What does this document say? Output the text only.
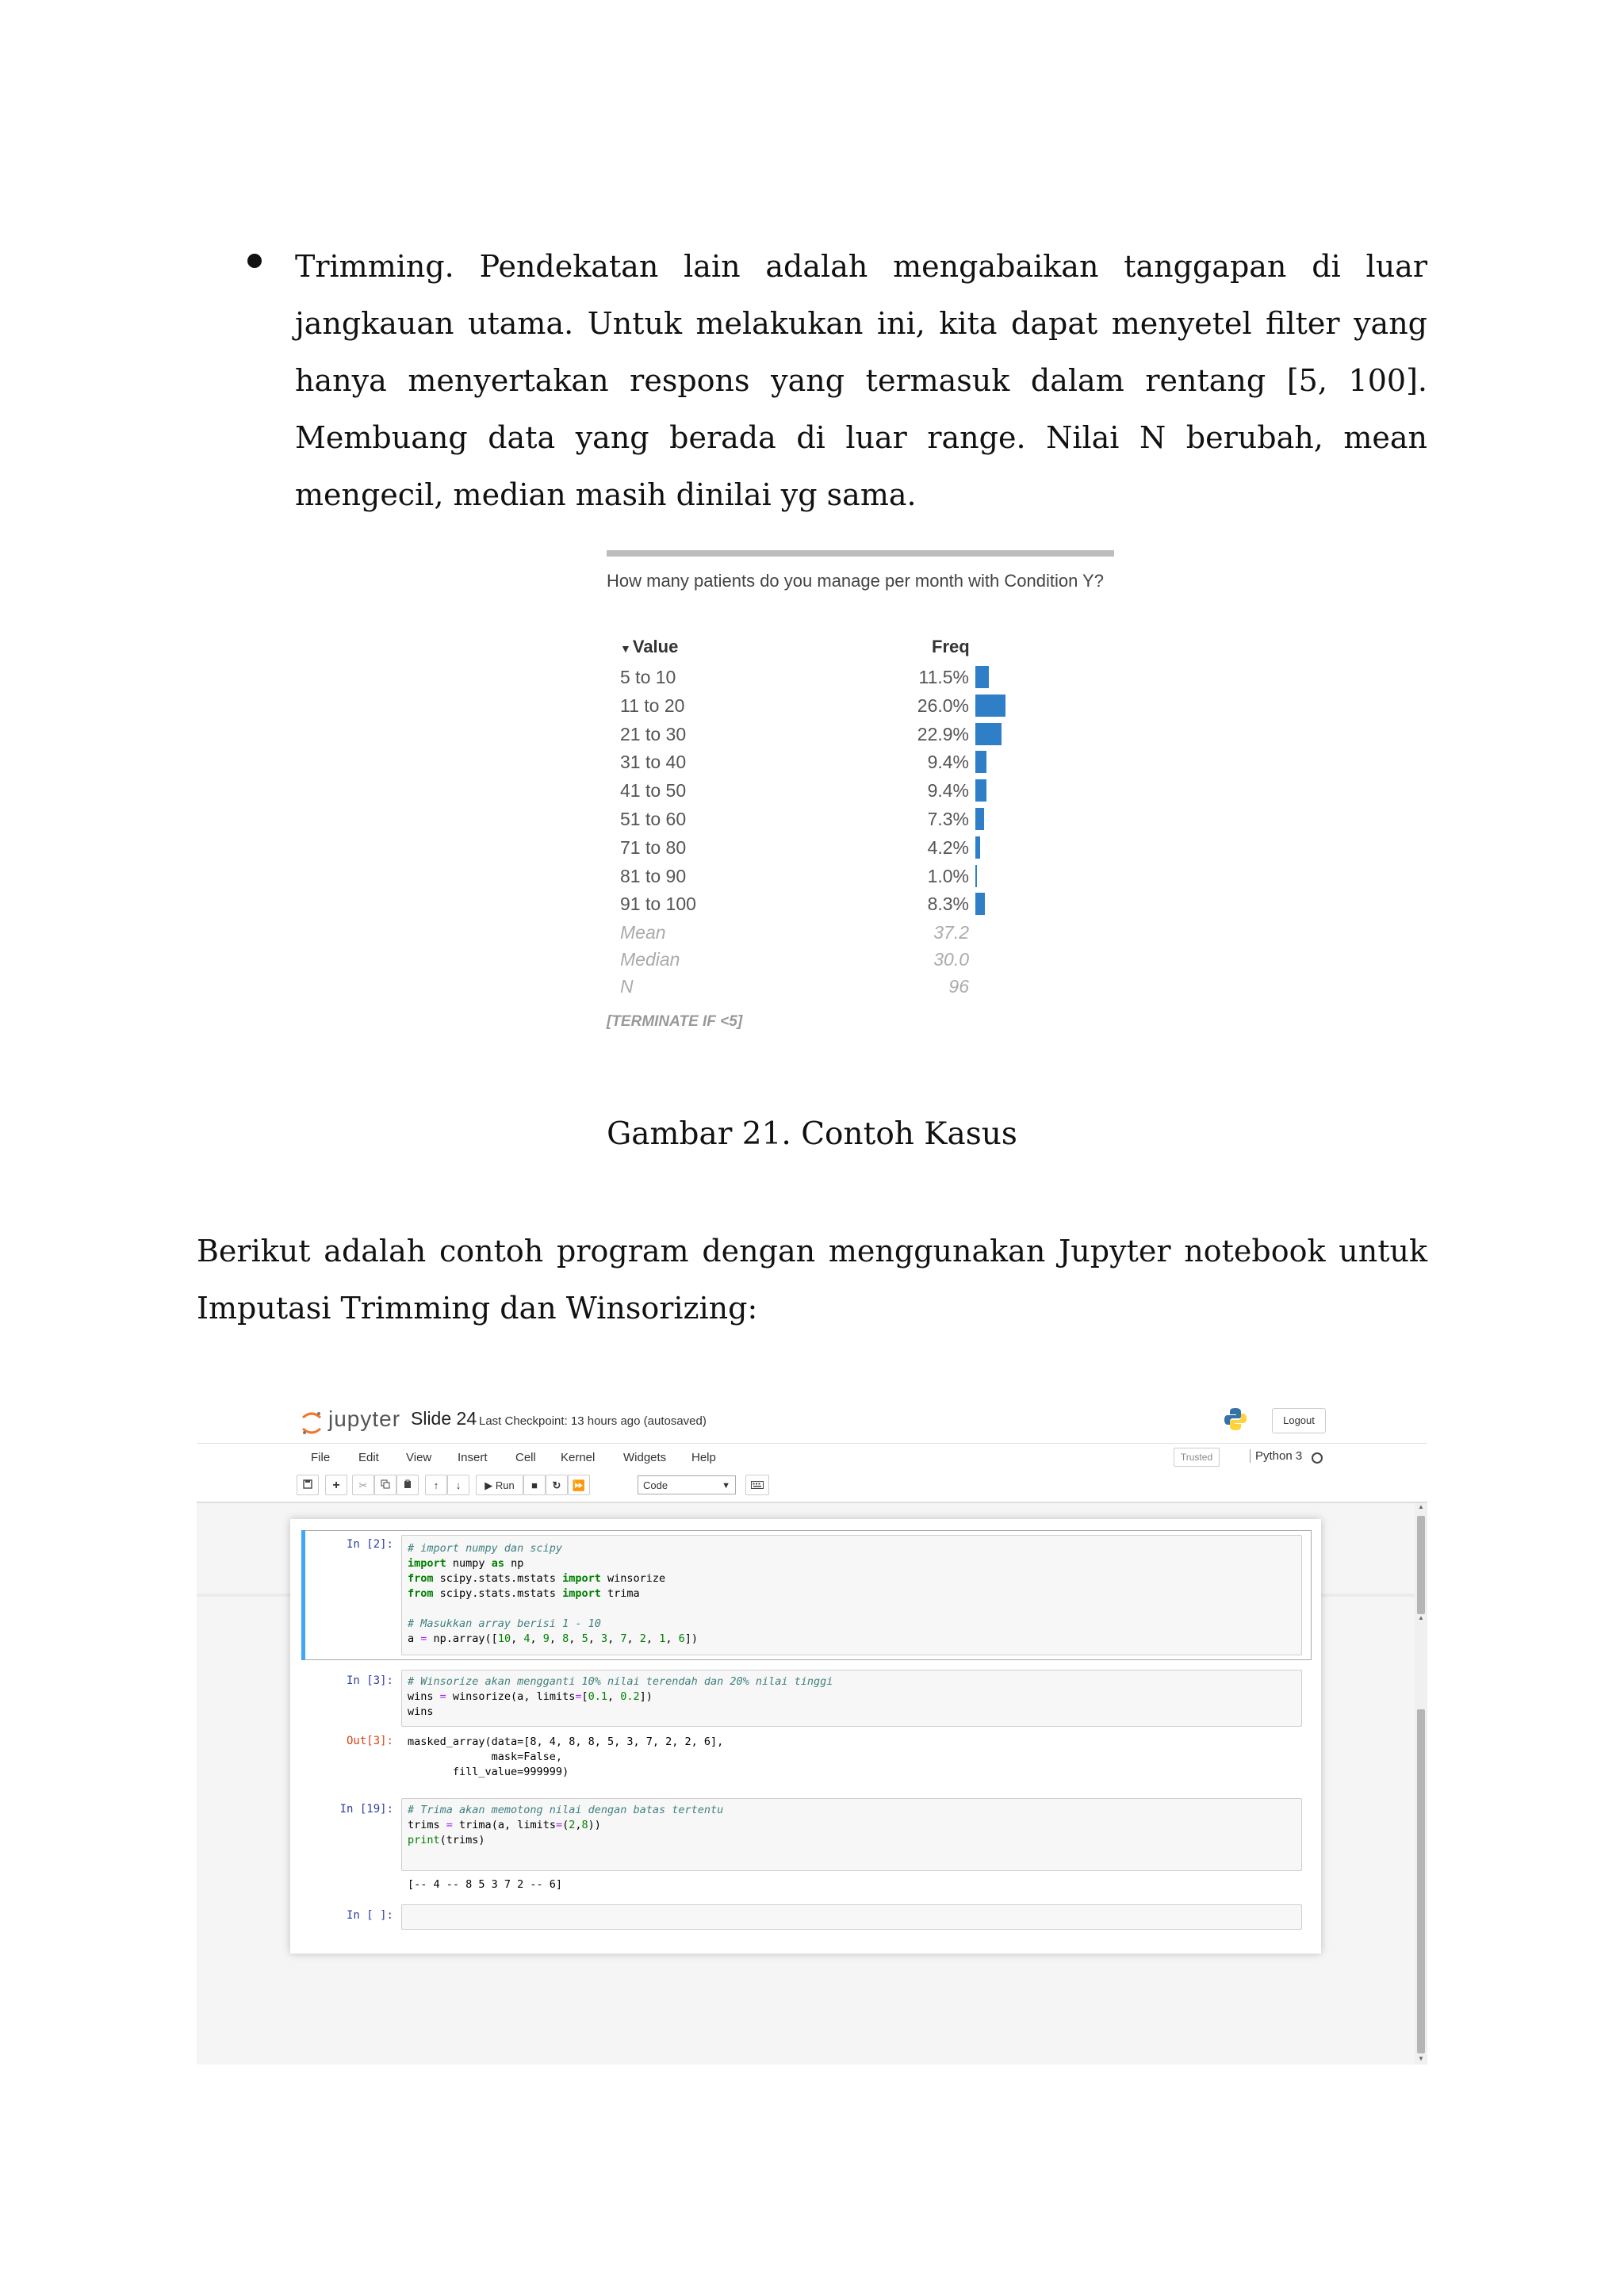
Trimming. Pendekatan lain adalah mengabaikan tanggapan di luar jangkauan utama. Untuk melakukan ini, kita dapat menyetel filter yang hanya menyertakan respons yang termasuk dalam rentang [5, 100]. Membuang data yang berada di luar range. Nilai N berubah, mean mengecil, median masih dinilai yg sama.
How many patients do you manage per month with Condition Y?
▼Value	Freq
5 to 10	11.5%
11 to 20	26.0%
21 to 30	22.9%
31 to 40	9.4%
41 to 50	9.4%
51 to 60	7.3%
71 to 80	4.2%
81 to 90	1.0%
91 to 100	8.3%
Mean	37.2
Median	30.0
N	96
[TERMINATE IF <5]
Gambar 21. Contoh Kasus
Berikut adalah contoh program dengan menggunakan Jupyter notebook untuk Imputasi Trimming dan Winsorizing:
jupyter Slide 24 Last Checkpoint: 13 hours ago (autosaved)	Logout
File Edit View Insert Cell Kernel Widgets Help	Trusted	Python 3
+	✂	↑	↓	▶ Run	■	↻	⏩	Code	▼
In [2]: # import numpy dan scipy
import numpy as np
from scipy.stats.mstats import winsorize
from scipy.stats.mstats import trima

# Masukkan array berisi 1 - 10
a = np.array([10, 4, 9, 8, 5, 3, 7, 2, 1, 6])
In [3]: # Winsorize akan mengganti 10% nilai terendah dan 20% nilai tinggi
wins = winsorize(a, limits=[0.1, 0.2])
wins
Out[3]: masked_array(data=[8, 4, 8, 8, 5, 3, 7, 2, 2, 6],
mask=False,
fill_value=999999)
In [19]: # Trima akan memotong nilai dengan batas tertentu
trims = trima(a, limits=(2,8))
print(trims)
[-- 4 -- 8 5 3 7 2 -- 6]
In [ ]:
▲
▲
▼
